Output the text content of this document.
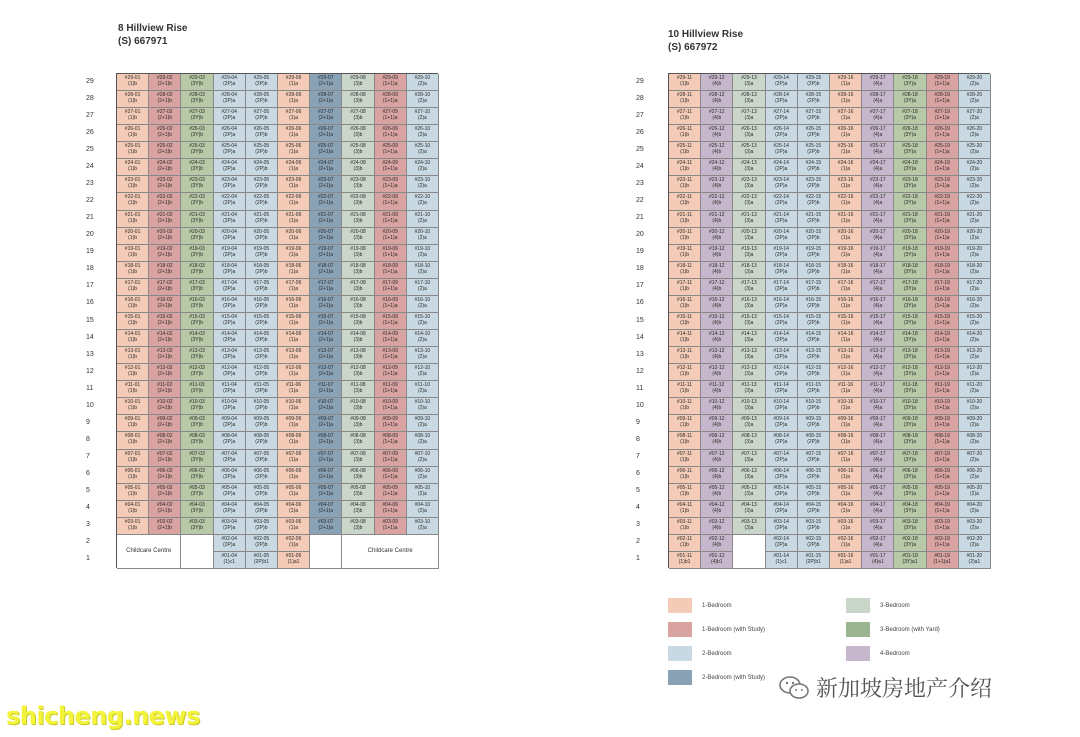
8 Hillview Rise
(S) 667971
29
28
27
26
25
24
23
22
21
20
19
18
17
16
15
14
13
12
11
10
9
8
7
6
5
4
3
2
1
#29-01
(1)b
#29-02
(2+1)b
#29-03
(3Y)b
#29-04
(2P)a
#29-05
(2P)b
#29-06
(1)a
#29-07
(2+1)a
#29-08
(3)b
#29-09
(1+1)a
#29-10
(2)a
#28-01
(1)b
#28-02
(2+1)b
#28-03
(3Y)b
#28-04
(2P)a
#28-05
(2P)b
#28-06
(1)a
#28-07
(2+1)a
#28-08
(3)b
#28-09
(1+1)a
#28-10
(2)a
#27-01
(1)b
#27-02
(2+1)b
#27-03
(3Y)b
#27-04
(2P)a
#27-05
(2P)b
#27-06
(1)a
#27-07
(2+1)a
#27-08
(3)b
#27-09
(1+1)a
#27-10
(2)a
#26-01
(1)b
#26-02
(2+1)b
#26-03
(3Y)b
#26-04
(2P)a
#26-05
(2P)b
#26-06
(1)a
#26-07
(2+1)a
#26-08
(3)b
#26-09
(1+1)a
#26-10
(2)a
#25-01
(1)b
#25-02
(2+1)b
#25-03
(3Y)b
#25-04
(2P)a
#25-05
(2P)b
#25-06
(1)a
#25-07
(2+1)a
#25-08
(3)b
#25-09
(1+1)a
#25-10
(2)a
#24-01
(1)b
#24-02
(2+1)b
#24-03
(3Y)b
#24-04
(2P)a
#24-05
(2P)b
#24-06
(1)a
#24-07
(2+1)a
#24-08
(3)b
#24-09
(1+1)a
#24-10
(2)a
#23-01
(1)b
#23-02
(2+1)b
#23-03
(3Y)b
#23-04
(2P)a
#23-05
(2P)b
#23-06
(1)a
#23-07
(2+1)a
#23-08
(3)b
#23-09
(1+1)a
#23-10
(2)a
#22-01
(1)b
#22-02
(2+1)b
#22-03
(3Y)b
#22-04
(2P)a
#22-05
(2P)b
#22-06
(1)a
#22-07
(2+1)a
#22-08
(3)b
#22-09
(1+1)a
#22-10
(2)a
#21-01
(1)b
#21-02
(2+1)b
#21-03
(3Y)b
#21-04
(2P)a
#21-05
(2P)b
#21-06
(1)a
#21-07
(2+1)a
#21-08
(3)b
#21-09
(1+1)a
#21-10
(2)a
#20-01
(1)b
#20-02
(2+1)b
#20-03
(3Y)b
#20-04
(2P)a
#20-05
(2P)b
#20-06
(1)a
#20-07
(2+1)a
#20-08
(3)b
#20-09
(1+1)a
#20-10
(2)a
#19-01
(1)b
#19-02
(2+1)b
#19-03
(3Y)b
#19-04
(2P)a
#19-05
(2P)b
#19-06
(1)a
#19-07
(2+1)a
#19-08
(3)b
#19-09
(1+1)a
#19-10
(2)a
#18-01
(1)b
#18-02
(2+1)b
#18-03
(3Y)b
#18-04
(2P)a
#18-05
(2P)b
#18-06
(1)a
#18-07
(2+1)a
#18-08
(3)b
#18-09
(1+1)a
#18-10
(2)a
#17-01
(1)b
#17-02
(2+1)b
#17-03
(3Y)b
#17-04
(2P)a
#17-05
(2P)b
#17-06
(1)a
#17-07
(2+1)a
#17-08
(3)b
#17-09
(1+1)a
#17-10
(2)a
#16-01
(1)b
#16-02
(2+1)b
#16-03
(3Y)b
#16-04
(2P)a
#16-05
(2P)b
#16-06
(1)a
#16-07
(2+1)a
#16-08
(3)b
#16-09
(1+1)a
#16-10
(2)a
#15-01
(1)b
#15-02
(2+1)b
#15-03
(3Y)b
#15-04
(2P)a
#15-05
(2P)b
#15-06
(1)a
#15-07
(2+1)a
#15-08
(3)b
#15-09
(1+1)a
#15-10
(2)a
#14-01
(1)b
#14-02
(2+1)b
#14-03
(3Y)b
#14-04
(2P)a
#14-05
(2P)b
#14-06
(1)a
#14-07
(2+1)a
#14-08
(3)b
#14-09
(1+1)a
#14-10
(2)a
#13-01
(1)b
#13-02
(2+1)b
#13-03
(3Y)b
#13-04
(2P)a
#13-05
(2P)b
#13-06
(1)a
#13-07
(2+1)a
#13-08
(3)b
#13-09
(1+1)a
#13-10
(2)a
#12-01
(1)b
#12-02
(2+1)b
#12-03
(3Y)b
#12-04
(2P)a
#12-05
(2P)b
#12-06
(1)a
#12-07
(2+1)a
#12-08
(3)b
#12-09
(1+1)a
#12-10
(2)a
#11-01
(1)b
#11-02
(2+1)b
#11-03
(3Y)b
#11-04
(2P)a
#11-05
(2P)b
#11-06
(1)a
#11-07
(2+1)a
#11-08
(3)b
#11-09
(1+1)a
#11-10
(2)a
#10-01
(1)b
#10-02
(2+1)b
#10-03
(3Y)b
#10-04
(2P)a
#10-05
(2P)b
#10-06
(1)a
#10-07
(2+1)a
#10-08
(3)b
#10-09
(1+1)a
#10-10
(2)a
#09-01
(1)b
#09-02
(2+1)b
#09-03
(3Y)b
#09-04
(2P)a
#09-05
(2P)b
#09-06
(1)a
#09-07
(2+1)a
#09-08
(3)b
#09-09
(1+1)a
#09-10
(2)a
#08-01
(1)b
#08-02
(2+1)b
#08-03
(3Y)b
#08-04
(2P)a
#08-05
(2P)b
#08-06
(1)a
#08-07
(2+1)a
#08-08
(3)b
#08-09
(1+1)a
#08-10
(2)a
#07-01
(1)b
#07-02
(2+1)b
#07-03
(3Y)b
#07-04
(2P)a
#07-05
(2P)b
#07-06
(1)a
#07-07
(2+1)a
#07-08
(3)b
#07-09
(1+1)a
#07-10
(2)a
#06-01
(1)b
#06-02
(2+1)b
#06-03
(3Y)b
#06-04
(2P)a
#06-05
(2P)b
#06-06
(1)a
#06-07
(2+1)a
#06-08
(3)b
#06-09
(1+1)a
#06-10
(2)a
#05-01
(1)b
#05-02
(2+1)b
#05-03
(3Y)b
#05-04
(2P)a
#05-05
(2P)b
#05-06
(1)a
#05-07
(2+1)a
#05-08
(3)b
#05-09
(1+1)a
#05-10
(2)a
#04-01
(1)b
#04-02
(2+1)b
#04-03
(3Y)b
#04-04
(2P)a
#04-05
(2P)b
#04-06
(1)a
#04-07
(2+1)a
#04-08
(3)b
#04-09
(1+1)a
#04-10
(2)a
#03-01
(1)b
#03-02
(2+1)b
#03-03
(3Y)b
#03-04
(2P)a
#03-05
(2P)b
#03-06
(1)a
#03-07
(2+1)a
#03-08
(3)b
#03-09
(1+1)a
#03-10
(2)a
#02-04
(2P)a
#02-05
(2P)b
#02-06
(1)a
#01-04
(1)c1
#01-05
(2P)b1
#01-06
(1)a1
Childcare Centre	Childcare Centre
10 Hillview Rise
(S) 667972
29
28
27
26
25
24
23
22
21
20
19
18
17
16
15
14
13
12
11
10
9
8
7
6
5
4
3
2
1
#29-11
(1)b
#29-12
(4)b
#29-13
(3)a
#29-14
(2P)a
#29-15
(2P)b
#29-16
(1)a
#29-17
(4)a
#29-18
(3Y)a
#29-19
(1+1)a
#29-20
(2)a
#28-11
(1)b
#28-12
(4)b
#28-13
(3)a
#28-14
(2P)a
#28-15
(2P)b
#28-16
(1)a
#28-17
(4)a
#28-18
(3Y)a
#28-19
(1+1)a
#28-20
(2)a
#27-11
(1)b
#27-12
(4)b
#27-13
(3)a
#27-14
(2P)a
#27-15
(2P)b
#27-16
(1)a
#27-17
(4)a
#27-18
(3Y)a
#27-19
(1+1)a
#27-20
(2)a
#26-11
(1)b
#26-12
(4)b
#26-13
(3)a
#26-14
(2P)a
#26-15
(2P)b
#26-16
(1)a
#26-17
(4)a
#26-18
(3Y)a
#26-19
(1+1)a
#26-20
(2)a
#25-11
(1)b
#25-12
(4)b
#25-13
(3)a
#25-14
(2P)a
#25-15
(2P)b
#25-16
(1)a
#25-17
(4)a
#25-18
(3Y)a
#25-19
(1+1)a
#25-20
(2)a
#24-11
(1)b
#24-12
(4)b
#24-13
(3)a
#24-14
(2P)a
#24-15
(2P)b
#24-16
(1)a
#24-17
(4)a
#24-18
(3Y)a
#24-19
(1+1)a
#24-20
(2)a
#23-11
(1)b
#23-12
(4)b
#23-13
(3)a
#23-14
(2P)a
#23-15
(2P)b
#23-16
(1)a
#23-17
(4)a
#23-18
(3Y)a
#23-19
(1+1)a
#23-20
(2)a
#22-11
(1)b
#22-12
(4)b
#22-13
(3)a
#22-14
(2P)a
#22-15
(2P)b
#22-16
(1)a
#22-17
(4)a
#22-18
(3Y)a
#22-19
(1+1)a
#22-20
(2)a
#21-11
(1)b
#21-12
(4)b
#21-13
(3)a
#21-14
(2P)a
#21-15
(2P)b
#21-16
(1)a
#21-17
(4)a
#21-18
(3Y)a
#21-19
(1+1)a
#21-20
(2)a
#20-11
(1)b
#20-12
(4)b
#20-13
(3)a
#20-14
(2P)a
#20-15
(2P)b
#20-16
(1)a
#20-17
(4)a
#20-18
(3Y)a
#20-19
(1+1)a
#20-20
(2)a
#19-11
(1)b
#19-12
(4)b
#19-13
(3)a
#19-14
(2P)a
#19-15
(2P)b
#19-16
(1)a
#19-17
(4)a
#19-18
(3Y)a
#19-19
(1+1)a
#19-20
(2)a
#18-11
(1)b
#18-12
(4)b
#18-13
(3)a
#18-14
(2P)a
#18-15
(2P)b
#18-16
(1)a
#18-17
(4)a
#18-18
(3Y)a
#18-19
(1+1)a
#18-20
(2)a
#17-11
(1)b
#17-12
(4)b
#17-13
(3)a
#17-14
(2P)a
#17-15
(2P)b
#17-16
(1)a
#17-17
(4)a
#17-18
(3Y)a
#17-19
(1+1)a
#17-20
(2)a
#16-11
(1)b
#16-12
(4)b
#16-13
(3)a
#16-14
(2P)a
#16-15
(2P)b
#16-16
(1)a
#16-17
(4)a
#16-18
(3Y)a
#16-19
(1+1)a
#16-20
(2)a
#15-11
(1)b
#15-12
(4)b
#15-13
(3)a
#15-14
(2P)a
#15-15
(2P)b
#15-16
(1)a
#15-17
(4)a
#15-18
(3Y)a
#15-19
(1+1)a
#15-20
(2)a
#14-11
(1)b
#14-12
(4)b
#14-13
(3)a
#14-14
(2P)a
#14-15
(2P)b
#14-16
(1)a
#14-17
(4)a
#14-18
(3Y)a
#14-19
(1+1)a
#14-20
(2)a
#13-11
(1)b
#13-12
(4)b
#13-13
(3)a
#13-14
(2P)a
#13-15
(2P)b
#13-16
(1)a
#13-17
(4)a
#13-18
(3Y)a
#13-19
(1+1)a
#13-20
(2)a
#12-11
(1)b
#12-12
(4)b
#12-13
(3)a
#12-14
(2P)a
#12-15
(2P)b
#12-16
(1)a
#12-17
(4)a
#12-18
(3Y)a
#12-19
(1+1)a
#12-20
(2)a
#11-11
(1)b
#11-12
(4)b
#11-13
(3)a
#11-14
(2P)a
#11-15
(2P)b
#11-16
(1)a
#11-17
(4)a
#11-18
(3Y)a
#11-19
(1+1)a
#11-20
(2)a
#10-11
(1)b
#10-12
(4)b
#10-13
(3)a
#10-14
(2P)a
#10-15
(2P)b
#10-16
(1)a
#10-17
(4)a
#10-18
(3Y)a
#10-19
(1+1)a
#10-20
(2)a
#09-11
(1)b
#09-12
(4)b
#09-13
(3)a
#09-14
(2P)a
#09-15
(2P)b
#09-16
(1)a
#09-17
(4)a
#09-18
(3Y)a
#09-19
(1+1)a
#09-20
(2)a
#08-11
(1)b
#08-12
(4)b
#08-13
(3)a
#08-14
(2P)a
#08-15
(2P)b
#08-16
(1)a
#08-17
(4)a
#08-18
(3Y)a
#08-19
(1+1)a
#08-20
(2)a
#07-11
(1)b
#07-12
(4)b
#07-13
(3)a
#07-14
(2P)a
#07-15
(2P)b
#07-16
(1)a
#07-17
(4)a
#07-18
(3Y)a
#07-19
(1+1)a
#07-20
(2)a
#06-11
(1)b
#06-12
(4)b
#06-13
(3)a
#06-14
(2P)a
#06-15
(2P)b
#06-16
(1)a
#06-17
(4)a
#06-18
(3Y)a
#06-19
(1+1)a
#06-20
(2)a
#05-11
(1)b
#05-12
(4)b
#05-13
(3)a
#05-14
(2P)a
#05-15
(2P)b
#05-16
(1)a
#05-17
(4)a
#05-18
(3Y)a
#05-19
(1+1)a
#05-20
(2)a
#04-11
(1)b
#04-12
(4)b
#04-13
(3)a
#04-14
(2P)a
#04-15
(2P)b
#04-16
(1)a
#04-17
(4)a
#04-18
(3Y)a
#04-19
(1+1)a
#04-20
(2)a
#03-11
(1)b
#03-12
(4)b
#03-13
(3)a
#03-14
(2P)a
#03-15
(2P)b
#03-16
(1)a
#03-17
(4)a
#03-18
(3Y)a
#03-19
(1+1)a
#03-20
(2)a
#02-11
(1)b
#02-12
(4)b
#02-14
(2P)a
#02-15
(2P)b
#02-16
(1)a
#02-17
(4)a
#02-18
(3Y)a
#02-19
(1+1)a
#02-20
(2)a
#01-11
(1)b1
#01-12
(4)b1
#01-14
(1)c1
#01-15
(2P)b1
#01-16
(1)a1
#01-17
(4)a1
#01-18
(3Y)a1
#01-19
(1+1)a1
#01-20
(2)a1
1-Bedroom
1-Bedroom (with Study)
2-Bedroom
2-Bedroom (with Study)
3-Bedroom
3-Bedroom (with Yard)
4-Bedroom
新加坡房地产介绍
shicheng.news
